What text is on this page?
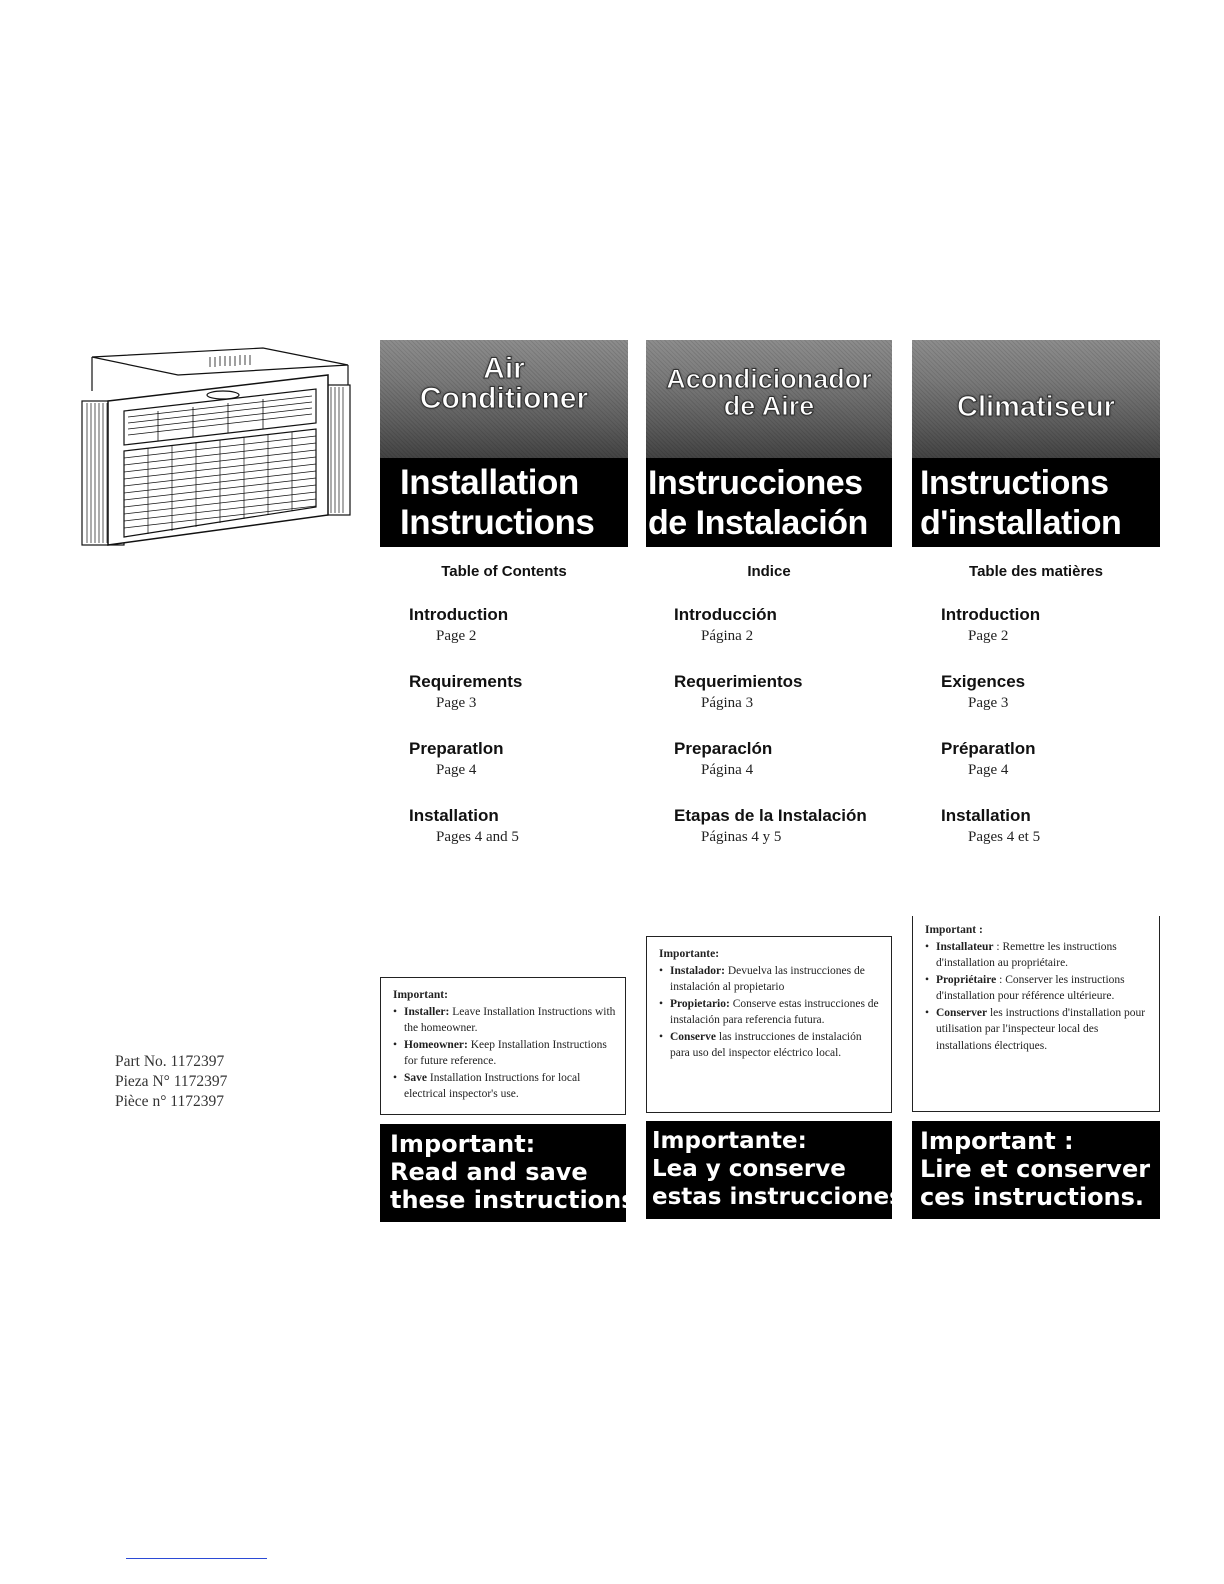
Air
Conditioner
Installation
Instructions
Table of Contents
Introduction
Page 2
Requirements
Page 3
Preparatlon
Page 4
Installation
Pages 4 and 5
Acondicionador
de Aire
Instrucciones
de Instalación
Indice
Introducción
Página 2
Requerimientos
Página 3
Preparaclón
Página 4
Etapas de la Instalación
Páginas 4 y 5
Climatiseur
Instructions
d'installation
Table des matières
Introduction
Page 2
Exigences
Page 3
Préparatlon
Page 4
Installation
Pages 4 et 5
Important:
• Installer: Leave Installation Instructions with the homeowner.
• Homeowner: Keep Installation Instructions for future reference.
• Save Installation Instructions for local electrical inspector's use.
Importante:
• Instalador: Devuelva las instrucciones de instalación al propietario
• Propietario: Conserve estas instrucciones de instalación para referencia futura.
• Conserve las instrucciones de instalación para uso del inspector eléctrico local.
Important :
• Installateur : Remettre les instructions d'installation au propriétaire.
• Propriétaire : Conserver les instructions d'installation pour référence ultérieure.
• Conserver les instructions d'installation pour utilisation par l'inspecteur local des installations électriques.
Important:
Read and save
these instructions.
Importante:
Lea y conserve
estas instrucciones.
Important :
Lire et conserver
ces instructions.
Part No. 1172397
Pieza N° 1172397
Pièce n° 1172397
